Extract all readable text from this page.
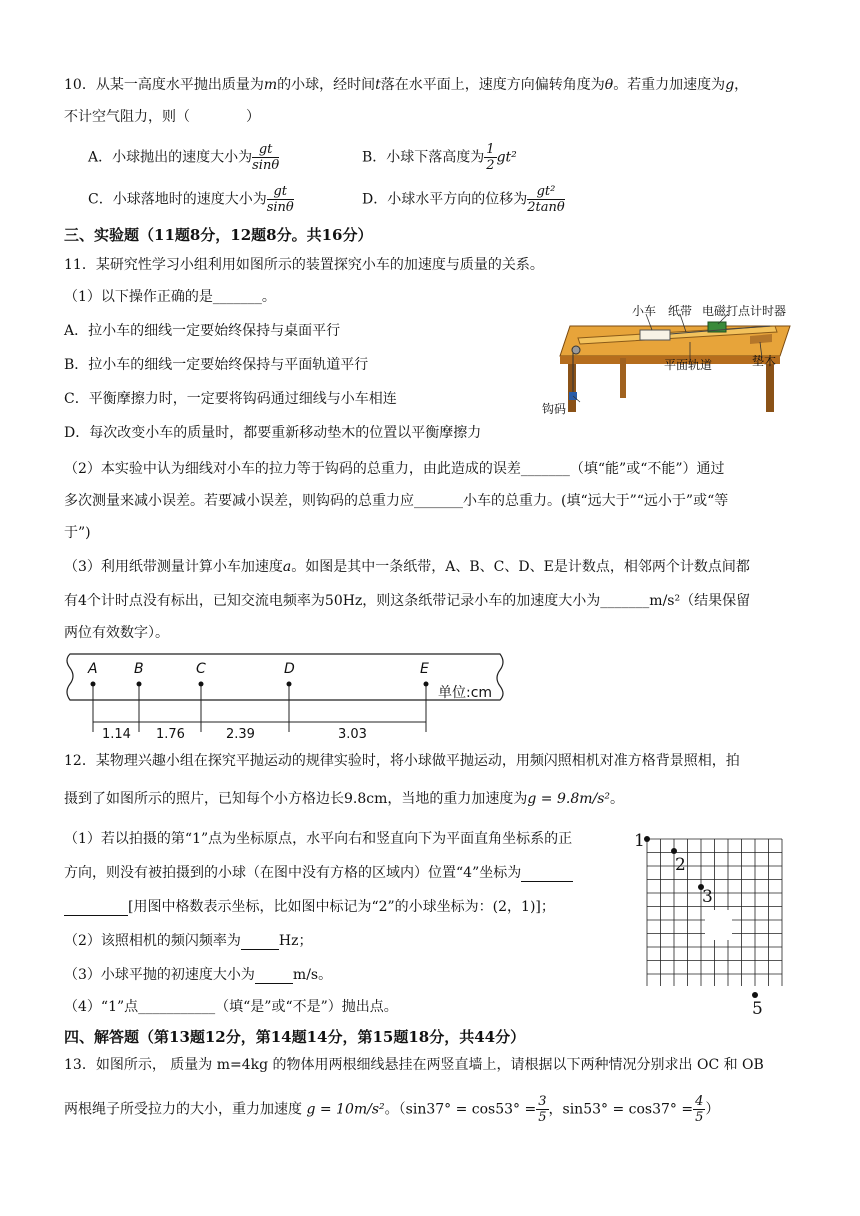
10．从某一高度水平抛出质量为m的小球，经时间t落在水平面上，速度方向偏转角度为θ。若重力加速度为g，
不计空气阻力，则（　　　　）
A．小球抛出的速度大小为 $\frac{gt}{\sin\theta}$	B．小球下落高度为 $\frac{1}{2} gt^2$
C．小球落地时的速度大小为 $\frac{gt}{\sin\theta}$	D．小球水平方向的位移为 $\frac{\text{gt²}}{2\tan\theta}$
三、实验题（11题8分，12题8分。共16分）
11．某研究性学习小组利用如图所示的装置探究小车的加速度与质量的关系。
（1）以下操作正确的是_______。
A．拉小车的细线一定要始终保持与桌面平行
B．拉小车的细线一定要始终保持与平面轨道平行
C．平衡摩擦力时，一定要将钩码通过细线与小车相连
D．每次改变小车的质量时，都要重新移动垫木的位置以平衡摩擦力
小车 纸带 电磁打点计时器
平面轨道	垫木
钩码
（2）本实验中认为细线对小车的拉力等于钩码的总重力，由此造成的误差_______（填“能”或“不能”）通过
多次测量来减小误差。若要减小误差，则钩码的总重力应_______小车的总重力。(填“远大于”“远小于”或“等
于”)
（3）利用纸带测量计算小车加速度a。如图是其中一条纸带，A、B、C、D、E是计数点，相邻两个计数点间都
有4个计时点没有标出，已知交流电频率为50Hz，则这条纸带记录小车的加速度大小为_______m/s²（结果保留
两位有效数字）。
A	B	C	D	E
单位:cm
1.14 1.76	2.39	3.03
12．某物理兴趣小组在探究平抛运动的规律实验时，将小球做平抛运动，用频闪照相机对准方格背景照相，拍
摄到了如图所示的照片，已知每个小方格边长9.8cm，当地的重力加速度为g = 9.8m/s²。
（1）若以拍摄的第“1”点为坐标原点，水平向右和竖直向下为平面直角坐标系的正
方向，则没有被拍摄到的小球（在图中没有方格的区域内）位置“4”坐标为
[用图中格数表示坐标，比如图中标记为“2”的小球坐标为：(2，1)]；
（2）该照相机的频闪频率为	Hz；
（3）小球平抛的初速度大小为	m/s。
（4）“1”点___________（填“是”或“不是”）抛出点。
1
2
3
5
四、解答题（第13题12分，第14题14分，第15题18分，共44分）
13．如图所示， 质量为 m=4kg 的物体用两根细线悬挂在两竖直墙上，请根据以下两种情况分别求出 OC 和 OB
两根绳子所受拉力的大小，重力加速度 g = 10m/s²。（$\sin 37^\circ = \cos 53^\circ = \frac{3}{5}$ ，$\sin 53^\circ = \cos 37^\circ = \frac{4}{5}$ ）
